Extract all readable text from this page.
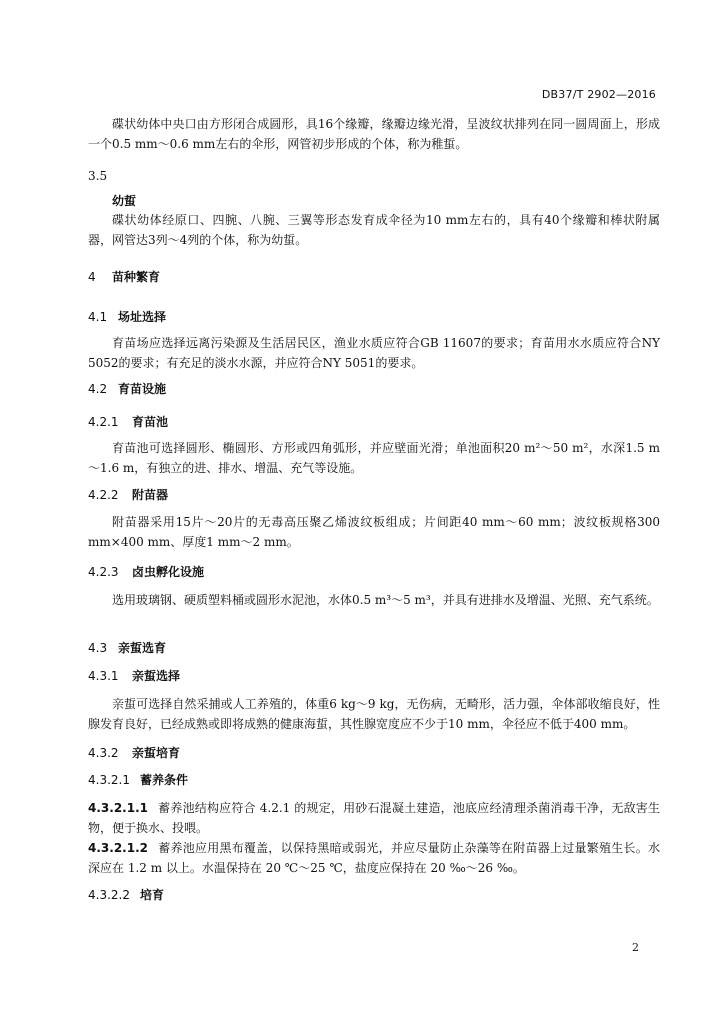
DB37/T 2902—2016
碟状幼体中央口由方形闭合成圆形，具16个缘瓣，缘瓣边缘光滑，呈波纹状排列在同一圆周面上，形成一个0.5 mm～0.6 mm左右的伞形，网管初步形成的个体，称为稚蜇。
3.5
幼蜇
碟状幼体经原口、四腕、八腕、三翼等形态发育成伞径为10 mm左右的，具有40个缘瓣和棒状附属器，网管达3列～4列的个体，称为幼蜇。
4 苗种繁育
4.1 场址选择
育苗场应选择远离污染源及生活居民区，渔业水质应符合GB 11607的要求；育苗用水水质应符合NY 5052的要求；有充足的淡水水源，并应符合NY 5051的要求。
4.2 育苗设施
4.2.1 育苗池
育苗池可选择圆形、椭圆形、方形或四角弧形，并应壁面光滑；单池面积20 m²～50 m²，水深1.5 m～1.6 m，有独立的进、排水、增温、充气等设施。
4.2.2 附苗器
附苗器采用15片～20片的无毒高压聚乙烯波纹板组成；片间距40 mm～60 mm；波纹板规格300 mm×400 mm、厚度1 mm～2 mm。
4.2.3 卤虫孵化设施
选用玻璃钢、硬质塑料桶或圆形水泥池，水体0.5 m³～5 m³，并具有进排水及增温、光照、充气系统。
4.3 亲蜇选育
4.3.1 亲蜇选择
亲蜇可选择自然采捕或人工养殖的，体重6 kg～9 kg，无伤病，无畸形，活力强，伞体部收缩良好，性腺发育良好，已经成熟或即将成熟的健康海蜇，其性腺宽度应不少于10 mm，伞径应不低于400 mm。
4.3.2 亲蜇培育
4.3.2.1 蓄养条件
4.3.2.1.1 蓄养池结构应符合 4.2.1 的规定，用砂石混凝土建造，池底应经清理杀菌消毒干净，无敌害生物，便于换水、投喂。
4.3.2.1.2 蓄养池应用黑布覆盖，以保持黑暗或弱光，并应尽量防止杂藻等在附苗器上过量繁殖生长。水深应在 1.2 m 以上。水温保持在 20 ℃～25 ℃，盐度应保持在 20 ‰～26 ‰。
4.3.2.2 培育
2
